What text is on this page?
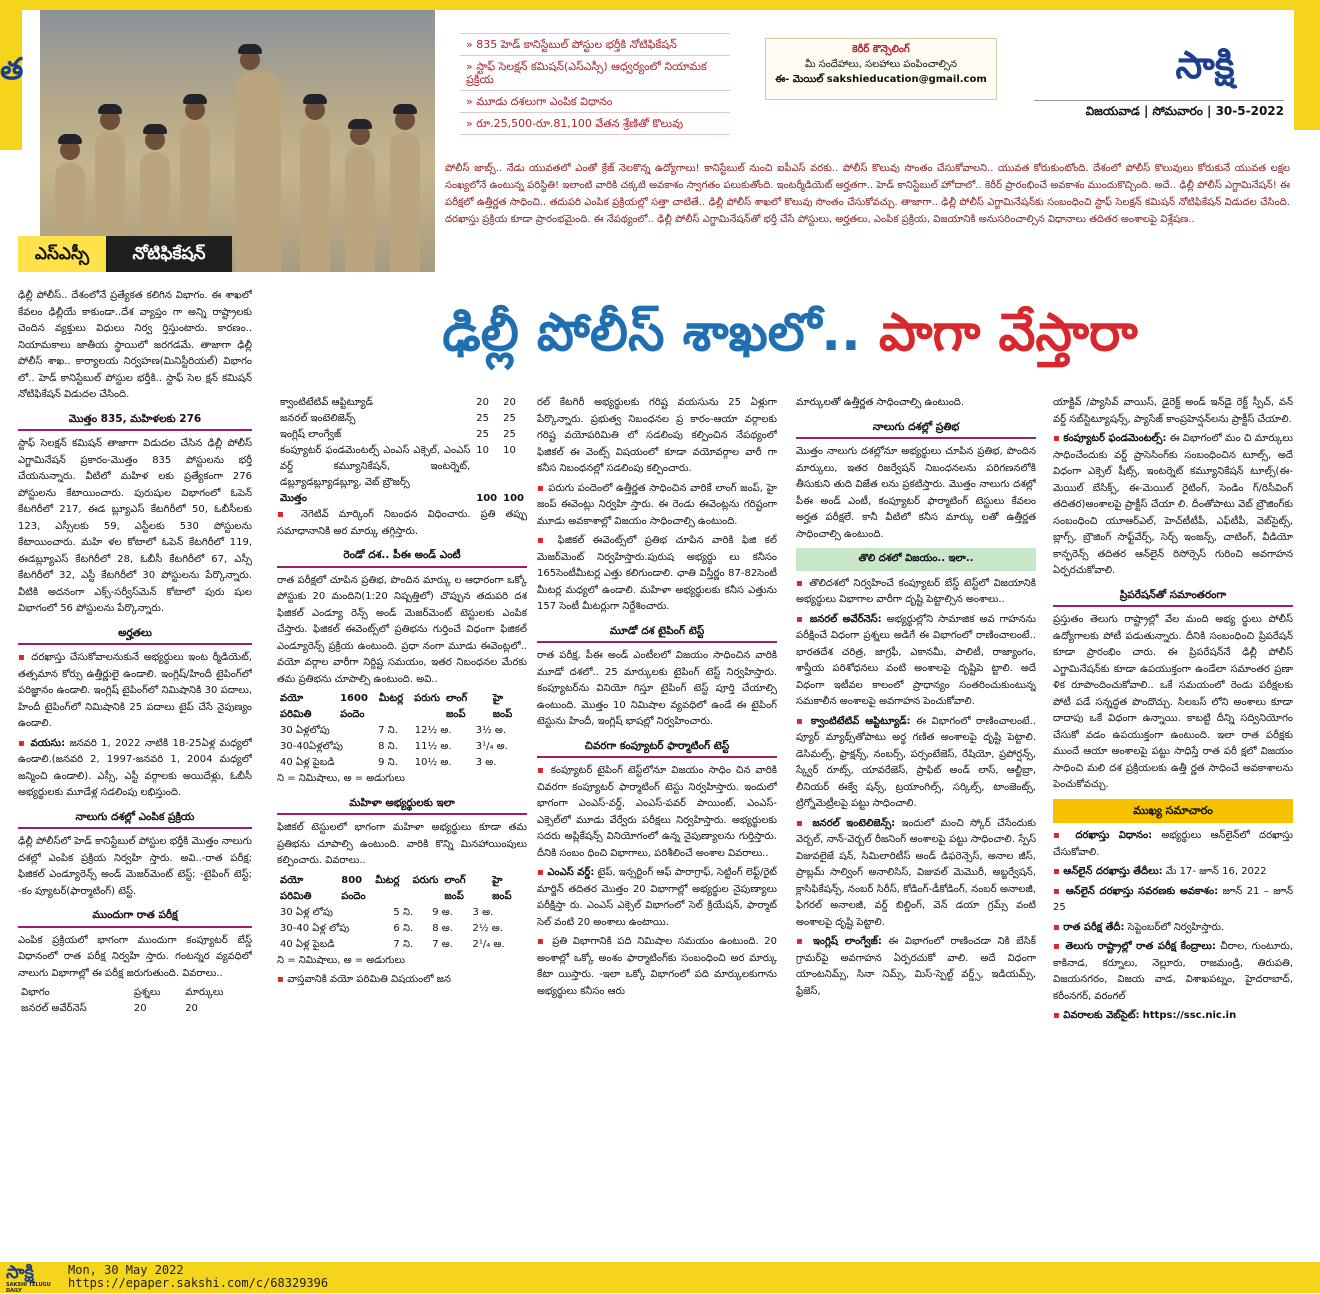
త
ఎస్ఎస్సీ	నోటిఫికేషన్
» 835 హెడ్ కానిస్టేబుల్ పోస్టుల భర్తీకి నోటిఫికేషన్
» స్టాఫ్ సెలక్షన్ కమిషన్(ఎస్ఎస్సీ) ఆధ్వర్యంలో నియామక ప్రక్రియ
» మూడు దశలుగా ఎంపిక విధానం
» రూ.25,500-రూ.81,100 వేతన శ్రేణితో కొలువు
కెరీర్ కౌన్సెలింగ్
మీ సందేహాలు, సలహాలు పంపించాల్సిన
ఈ- మెయిల్ sakshieducation@gmail.com	సాక్షి
విజయవాడ | సోమవారం | 30-5-2022
పోలీస్ జాబ్స్.. నేడు యువతలో ఎంతో క్రేజ్ నెలకొన్న ఉద్యోగాలు! కానిస్టేబుల్ నుంచి ఐపీఎస్ వరకు.. పోలీస్ కొలువు సొంతం చేసుకోవాలని.. యువత కోరుకుంటోంది. దేశంలో పోలీస్ కొలువులు కోరుకునే యువత లక్షల సంఖ్యలోనే ఉంటున్న పరిస్థితి! ఇలాంటి వారికి చక్కటి అవకాశం స్వాగతం పలుకుతోంది. ఇంటర్మీడియెట్ అర్హతగా.. హెడ్ కానిస్టేబుల్ హోదాలో.. కెరీర్ ప్రారంభించే అవకాశం ముందుకొచ్చింది. అదే.. ఢిల్లీ పోలీస్ ఎగ్జామినేషన్! ఈ పరీక్షలో ఉత్తీర్ణత సాధించి.. తదుపరి ఎంపిక ప్రక్రియల్లో సత్తా చాటితే.. ఢిల్లీ పోలీస్ శాఖలో కొలువు సొంతం చేసుకోవచ్చు. తాజాగా.. ఢిల్లీ పోలీస్ ఎగ్జామినేషన్‌కు సంబంధించి స్టాఫ్ సెలక్షన్ కమిషన్ నోటిఫికేషన్ విడుదల చేసింది. దరఖాస్తు ప్రక్రియ కూడా ప్రారంభమైంది. ఈ నేపథ్యంలో.. ఢిల్లీ పోలీస్ ఎగ్జామినేషన్‌తో భర్తీ చేసే పోస్టులు, అర్హతలు, ఎంపిక ప్రక్రియ, విజయానికి అనుసరించాల్సిన విధానాలు తదితర అంశాలపై విశ్లేషణ..
ఢిల్లీ పోలీస్ శాఖలో.. పాగా వేస్తారా

ఢిల్లీ పోలీస్.. దేశంలోనే ప్రత్యేకత కలిగిన విభాగం. ఈ శాఖలో కేవలం ఢిల్లీయే కాకుండా..దేశ వ్యాప్తం గా అన్ని రాష్ట్రాలకు చెందిన వ్యక్తులు విధులు నిర్వ ర్తిస్తుంటారు. కారణం.. నియామకాలు జాతీయ స్థాయిలో జరగడమే. తాజాగా ఢిల్లీ పోలీస్ శాఖ.. కార్యాలయ నిర్వహణ(మినిస్టీరియల్) విభాగం లో.. హెడ్ కానిస్టేబుల్ పోస్టుల భర్తీకి.. స్టాఫ్ సెల క్షన్ కమిషన్ నోటిఫికేషన్ విడుదల చేసింది.

మొత్తం 835, మహిళలకు 276

స్టాఫ్ సెలక్షన్ కమిషన్ తాజాగా విడుదల చేసిన ఢిల్లీ పోలీస్ ఎగ్జామినేషన్ ప్రకారం-మొత్తం 835 పోస్టులను భర్తీ చేయనున్నారు. వీటిలో మహిళ లకు ప్రత్యేకంగా 276 పోస్టులను కేటాయించారు. పురుషుల విభాగంలో ఓపెన్ కేటగిరీలో 217, ఈడ బ్ల్యూఎస్ కేటగిరీలో 50, ఓబీసీలకు 123, ఎస్సీలకు 59, ఎస్టీలకు 530 పోస్టులను కేటాయించారు. మహి ళల కోటాలో ఓపెన్ కేటగిరీలో 119, ఈడబ్ల్యూఎస్ కేటగిరీలో 28, ఓబీసీ కేటగిరీలో 67, ఎస్సీ కేటగిరీలో 32, ఎస్టీ కేటగిరీలో 30 పోస్టులను పేర్కొన్నారు. వీటికి అదనంగా ఎక్స్-సర్వీస్‌మెన్ కోటాలో పురు షుల విభాగంలో 56 పోస్టులను పేర్కొన్నారు.

అర్హతలు

▪ దరఖాస్తు చేసుకోవాలనుకునే అభ్యర్థులు ఇంట ర్మీడియెట్, తత్సమాన కోర్సు ఉత్తీర్ణులై ఉండాలి. ఇంగ్లిష్/హిందీ టైపింగ్‌లో పరిజ్ఞానం ఉండాలి. ఇంగ్లిష్ టైపింగ్‌లో నిమిషానికి 30 పదాలు, హిందీ టైపింగ్‌లో నిమిషానికి 25 పదాలు టైప్ చేసే నైపుణ్యం ఉండాలి.

▪ వయసు: జనవరి 1, 2022 నాటికి 18-25ఏళ్ల మధ్యలో ఉండాలి.(జనవరి 2, 1997-జనవరి 1, 2004 మధ్యలో జన్మించి ఉండాలి). ఎస్సీ, ఎస్టీ వర్గాలకు అయిదేళ్లు, ఓబీసీ అభ్యర్థులకు మూడేళ్ల సడలింపు లభిస్తుంది.

నాలుగు దశల్లో ఎంపిక ప్రక్రియ

ఢిల్లీ పోలీస్‌లో హెడ్ కానిస్టేబుల్ పోస్టుల భర్తీకి మొత్తం నాలుగు దశల్లో ఎంపిక ప్రక్రియ నిర్వహి స్తారు. అవి..-రాత పరీక్ష; ఫిజికల్ ఎండ్యూరెన్స్ అండ్ మెజర్‌మెంట్ టెస్ట్; -టైపింగ్ టెస్ట్; -కం ప్యూటర్(ఫార్మాటింగ్) టెస్ట్.

ముందుగా రాత పరీక్ష

ఎంపిక ప్రక్రియలో భాగంగా ముందుగా కంప్యూటర్ బేస్డ్ విధానంలో రాత పరీక్ష నిర్వహి స్తారు. గంటన్నర వ్యవధిలో నాలుగు విభాగాల్లో ఈ పరీక్ష జరుగుతుంది. వివరాలు..

విభాగం	ప్రశ్నలు	మార్కులు
జనరల్ అవేర్‌నెస్	20	20
క్వాంటిటేటివ్ ఆప్టిట్యూడ్	20	20
జనరల్ ఇంటెలిజెన్స్	25	25
ఇంగ్లిష్ లాంగ్వేజ్	25	25
కంప్యూటర్ ఫండమెంటల్స్ ఎంఎస్ ఎక్సెల్, ఎంఎస్ వర్డ్ కమ్యూనికేషన్, ఇంటర్నెట్, డబ్ల్యూడబ్ల్యూడబ్ల్యూ, వెబ్ బ్రౌజర్స్	10	10
మొత్తం	100	100

▪ నెగెటివ్ మార్కింగ్ నిబంధన విధించారు. ప్రతి తప్పు సమాధానానికి అర మార్కు తగ్గిస్తారు.

రెండో దశ.. పీఈ అండ్ ఎంటీ

రాత పరీక్షలో చూపిన ప్రతిభ, పొందిన మార్కు ల ఆధారంగా ఒక్కో పోస్టుకు 20 మందిని(1:20 నిష్పత్తిలో) చొప్పున తదుపరి దశ ఫిజికల్ ఎండ్యూ రెన్స్ అండ్ మెజర్‌మెంట్ టెస్టులకు ఎంపిక చేస్తారు. ఫిజికల్ ఈవెంట్స్‌లో ప్రతిభను గుర్తించే విధంగా ఫిజికల్ ఎండ్యూరెన్స్ ప్రక్రియ ఉంటుంది. ప్రధా నంగా మూడు ఈవెంట్లలో.. వయో వర్గాల వారీగా నిర్దిష్ట సమయం, ఇతర నిబంధనల మేరకు తమ ప్రతిభను చూపాల్సి ఉంటుంది. అవి..

వయో పరిమితి	1600 మీటర్ల పరుగు పందెం	లాంగ్ జంప్	హై జంప్
30 ఏళ్లలోపు	7 ని.	12½ అ.	3½ అ.
30-40ఏళ్లలోపు	8 ని.	11½ అ.	3¹/₄ అ.
40 ఏళ్ల పైబడి	9 ని.	10½ అ.	3 అ.

ని = నిమిషాలు, అ = అడుగులు

మహిళా అభ్యర్థులకు ఇలా

ఫిజికల్ టెస్టులలో భాగంగా మహిళా అభ్యర్థులు కూడా తమ ప్రతిభను చూపాల్సి ఉంటుంది. వారికి కొన్ని మినహాయింపులు కల్పించారు. వివరాలు..

వయో పరిమితి	800 మీటర్ల పరుగు పందెం	లాంగ్ జంప్	హై జంప్
30 ఏళ్ల లోపు	5 ని.	9 అ.	3 అ.
30-40 ఏళ్ల లోపు	6 ని.	8 అ.	2½ అ.
40 ఏళ్ల పైబడి	7 ని.	7 అ.	2¹/₄ అ.

ని = నిమిషాలు, అ = అడుగులు

▪ వాస్తవానికి వయో పరిమితి విషయంలో జన

రల్ కేటగిరీ అభ్యర్థులకు గరిష్ట వయసును 25 ఏళ్లుగా పేర్కొన్నారు. ప్రభుత్వ నిబంధనల ప్ర కారం-ఆయా వర్గాలకు గరిష్ట వయోపరిమితి లో సడలింపు కల్పించిన నేపథ్యంలో ఫిజికల్ ఈ వెంట్స్ విషయంలో కూడా వయోవర్గాల వారీ గా కనీస నిబంధనల్లో సడలింపు కల్పించారు.

▪ పరుగు పందెంలో ఉత్తీర్ణత సాధించిన వారికే లాంగ్ జంప్, హై జంప్ ఈవెంట్లు నిర్వహి స్తారు. ఈ రెండు ఈవెంట్లను గరిష్టంగా మూడు అవకాశాల్లో విజయం సాధించాల్సి ఉంటుంది.

▪ ఫిజికల్ ఈవెంట్స్‌లో ప్రతిభ చూపిన వారికి ఫిజి కల్ మెజర్‌మెంట్ నిర్వహిస్తారు.పురుష అభ్యర్థు లు కనీసం 165సెంటీమీటర్ల ఎత్తు కలిగుండాలి. ఛాతి విస్తీర్ణం 87-82సెంటీ మీటర్ల మధ్యలో ఉండాలి. మహిళా అభ్యర్థులకు కనీస ఎత్తును 157 సెంటీ మీటర్లుగా నిర్దేశించారు.

మూడో దశ టైపింగ్ టెస్ట్

రాత పరీక్ష, పీఈ అండ్ ఎంటీలలో విజయం సాధించిన వారికి మూడో దశలో.. 25 మార్కులకు టైపింగ్ టెస్ట్ నిర్వహిస్తారు. కంప్యూటర్‌ను వినియో గిస్తూ టైపింగ్ టెస్ట్ పూర్తి చేయాల్సి ఉంటుంది. మొత్తం 10 నిమిషాల వ్యవధిలో ఉండే ఈ టైపింగ్ టెస్టును హిందీ, ఇంగ్లిష్ భాషల్లో నిర్వహించారు.

చివరగా కంప్యూటర్ ఫార్మాటింగ్ టెస్ట్

▪ కంప్యూటర్ టైపింగ్ టెస్ట్‌లోనూ విజయం సాధిం చిన వారికి చివరగా కంప్యూటర్ ఫార్మాటింగ్ టెస్టు నిర్వహిస్తారు. ఇందులో భాగంగా ఎంఎస్-వర్డ్, ఎంఎస్-పవర్ పాయింట్, ఎంఎస్-ఎక్సెల్‌లో మూడు వేర్వేరు పరీక్షలు నిర్వహిస్తారు. అభ్యర్థులకు సదరు అప్లికేషన్స్ వినియోగంలో ఉన్న నైపుణ్యాలను గుర్తిస్తారు. దీనికి సంబం ధించి విభాగాలు, పరిశీలించే అంశాల వివరాలు..

▪ ఎంఎస్ వర్డ్: టైప్, ఇన్సర్టింగ్ ఆఫ్ పారాగ్రాఫ్, సెట్టింగ్ లెఫ్ట్/రైట్ మార్జిన్ తదితర మొత్తం 20 విభాగాల్లో అభ్యర్థుల నైపుణ్యాలు పరీక్షిస్తా రు. ఎంఎస్ ఎక్సెల్ విభాగంలో సెల్ క్రియేషన్, ఫార్మాట్ సెల్ వంటి 20 అంశాలు ఉంటాయి.

▪ ప్రతి విభాగానికి పది నిమిషాల సమయం ఉంటుంది. 20 అంశాల్లో ఒక్కో అంశం ఫార్మాటింగ్‌కు సంబంధించి అర మార్కు కేటా యిస్తారు. -ఇలా ఒక్కో విభాగంలో పది మార్కులకుగాను అభ్యర్థులు కనీసం ఆరు

మార్కులతో ఉత్తీర్ణత సాధించాల్సి ఉంటుంది.

నాలుగు దశల్లో ప్రతిభ

మొత్తం నాలుగు దశల్లోనూ అభ్యర్థులు చూపిన ప్రతిభ, పొందిన మార్కులు, ఇతర రిజర్వేషన్ నిబంధనలను పరిగణనలోకి తీసుకుని తుది విజేత లను ప్రకటిస్తారు. మొత్తం నాలుగు దశల్లో పీఈ అండ్ ఎంటీ, కంప్యూటర్ ఫార్మాటింగ్ టెస్టులు కేవలం అర్హత పరీక్షలే. కానీ వీటిలో కనీస మార్కు లతో ఉత్తీర్ణత సాధించాల్సి ఉంటుంది.

తొలి దశలో విజయం.. ఇలా..

▪ తొలిదశలో నిర్వహించే కంప్యూటర్ బేస్డ్ టెస్ట్‌లో విజయానికి అభ్యర్థులు విభాగాల వారీగా దృష్టి పెట్టాల్సిన అంశాలు..

▪ జనరల్ అవేర్‌నెస్: అభ్యర్థుల్లోని సామాజిక అవ గాహనను పరీక్షించే విధంగా ప్రశ్నలు అడిగే ఈ విభాగంలో రాణించాలంటే.. భారతదేశ చరిత్ర, జాగ్రఫీ, ఎకానమీ, పాలిటీ, రాజ్యాంగం, శాస్త్రీయ పరిశోధనలు వంటి అంశాలపై దృష్టిపె ట్టాలి. అదే విధంగా ఇటీవల కాలంలో ప్రాధాన్యం సంతరించుకుంటున్న సమకాలీన అంశాలపై అవగాహన పెంచుకోవాలి.

▪ క్వాంటిటేటివ్ ఆప్టిట్యూడ్: ఈ విభాగంలో రాణించాలంటే.. ప్యూర్ మ్యాథ్స్‌తోపాటు అర్థ గణిత అంశాలపై దృష్టి పెట్టాలి. డెసిమల్స్, ఫ్రాక్షన్స్, నంబర్స్, పర్సంటేజెస్, రేషియో, ప్రపోర్షన్స్, స్క్వేర్ రూట్స్, యావరేజెస్, ప్రాఫిట్ అండ్ లాస్, ఆల్జీబ్రా, లీనియర్ ఈక్వే షన్స్, ట్రయాంగిల్స్, సర్కిల్స్, టాంజెంట్స్, ట్రిగ్నోమెట్రీలపై పట్టు సాధించాలి.

▪ జనరల్ ఇంటెలిజెన్స్: ఇందులో మంచి స్కోర్ చేసేందుకు వెర్బల్, నాన్-వెర్బల్ రీజనింగ్ అంశాలపై పట్టు సాధించాలి. స్పేస్ విజువలైజే షన్, సిమిలారిటీస్ అండ్ డిఫరెన్సెస్, అనాల జీస్, ప్రాబ్లమ్ సాల్వింగ్ అనాలిసిస్, విజువల్ మెమొరీ, అబ్జర్వేషన్, క్లాసిఫికేషన్స్, నంబర్ సిరీస్, కోడింగ్-డీకోడింగ్, నంబర్ అనాలజీ, ఫిగరల్ అనాలజీ, వర్డ్ బిల్డింగ్, వెన్ డయా గ్రమ్స్ వంటి అంశాలపై దృష్టి పెట్టాలి.

▪ ఇంగ్లిష్ లాంగ్వేజ్: ఈ విభాగంలో రాణించడా నికి బేసిక్ గ్రామర్‌పై అవగాహన ఏర్పరచుకో వాలి. అదే విధంగా యాంటనిమ్స్, సినా నిమ్స్, మిస్-స్పెల్ట్ వర్డ్స్, ఇడియమ్స్, ఫ్రేజెస్,

యాక్టివ్ /ప్యాసివ్ వాయిస్, డైరెక్ట్ అండ్ ఇన్‌డై రెక్ట్ స్పీచ్, వన్ వర్డ్ సబ్‌స్టిట్యూషన్స్, ప్యాసేజ్ కాంప్రహెన్షన్‌లను ప్రాక్టీస్ చేయాలి.

▪ కంప్యూటర్ ఫండమెంటల్స్: ఈ విభాగంలో మం చి మార్కులు సాధించేందుకు వర్డ్ ప్రాసెసింగ్‌కు సంబంధించిన టూల్స్, అదే విధంగా ఎక్సెల్ షీట్స్, ఇంటర్నెట్ కమ్యూనికేషన్ టూల్స్(ఈ-మెయిల్ బేసిక్స్, ఈ-మెయిల్ రైటింగ్, సెండిం గ్/రిసీవింగ్ తదితర)అంశాలపై ప్రాక్టీస్ చేయా లి. దీంతోపాటు వెబ్ బ్రౌజింగ్‌కు సంబంధించి యూఆర్ఎల్, హెచ్‌టీటీపీ, ఎఫ్‌టీపీ, వెబ్‌సైట్స్, బ్లాగ్స్, బ్రౌజింగ్ సాఫ్ట్‌వేర్స్, సెర్చ్ ఇంజన్స్, చాటింగ్, వీడియో కాన్ఫరెన్స్ తదితర ఆన్‌లైన్ రిసోర్సెస్ గురించి అవగాహన ఏర్పరచుకోవాలి.

ప్రిపరేషన్‌తో సమాంతరంగా

ప్రస్తుతం తెలుగు రాష్ట్రాల్లో వేల మంది అభ్య ర్థులు పోలీస్ ఉద్యోగాలకు పోటీ పడుతున్నారు. దీనికి సంబంధించి ప్రిపరేషన్ కూడా ప్రారంభిం చారు. ఈ ప్రిపరేషన్‌నే ఢిల్లీ పోలీస్ ఎగ్జామినేషన్‌కు కూడా ఉపయుక్తంగా ఉండేలా సమాంతర ప్రణా ళిక రూపొందించుకోవాలి.. ఒకే సమయంలో రెండు పరీక్షలకు పోటీ పడే సన్నద్ధత పొందొచ్చు. సిలబస్ లోని అంశాలు కూడా దాదాపు ఒకే విధంగా ఉన్నాయి. కాబట్టి దీన్ని సద్వినియోగం చేసుకో వడం ఉపయుక్తంగా ఉంటుంది. ఇలా రాత పరీక్షకు ముందే ఆయా అంశాలపై పట్టు సాధిస్తే రాత పరీ క్షలో విజయం సాధించి మలి దశ ప్రక్రియలకు ఉత్తీ ర్ణత సాధించే అవకాశాలను పెంచుకోవచ్చు.

ముఖ్య సమాచారం

▪ దరఖాస్తు విధానం: అభ్యర్థులు ఆన్‌లైన్‌లో దరఖాస్తు చేసుకోవాలి.

▪ ఆన్‌లైన్ దరఖాస్తు తేదీలు: మే 17- జూన్ 16, 2022

▪ ఆన్‌లైన్ దరఖాస్తు సవరణకు అవకాశం: జూన్ 21 – జూన్ 25

▪ రాత పరీక్ష తేదీ: సెప్టెంబర్‌లో నిర్వహిస్తారు.

▪ తెలుగు రాష్ట్రాల్లో రాత పరీక్ష కేంద్రాలు: చీరాల, గుంటూరు, కాకినాడ, కర్నూలు, నెల్లూరు, రాజమండ్రి, తిరుపతి, విజయనగరం, విజయ వాడ, విశాఖపట్నం, హైదరాబాద్, కరీంనగర్, వరంగల్

▪ వివరాలకు వెబ్‌సైట్: https://ssc.nic.in

సాక్షి
SAKSHI TELUGU DAILY
Mon, 30 May 2022
https://epaper.sakshi.com/c/68329396
